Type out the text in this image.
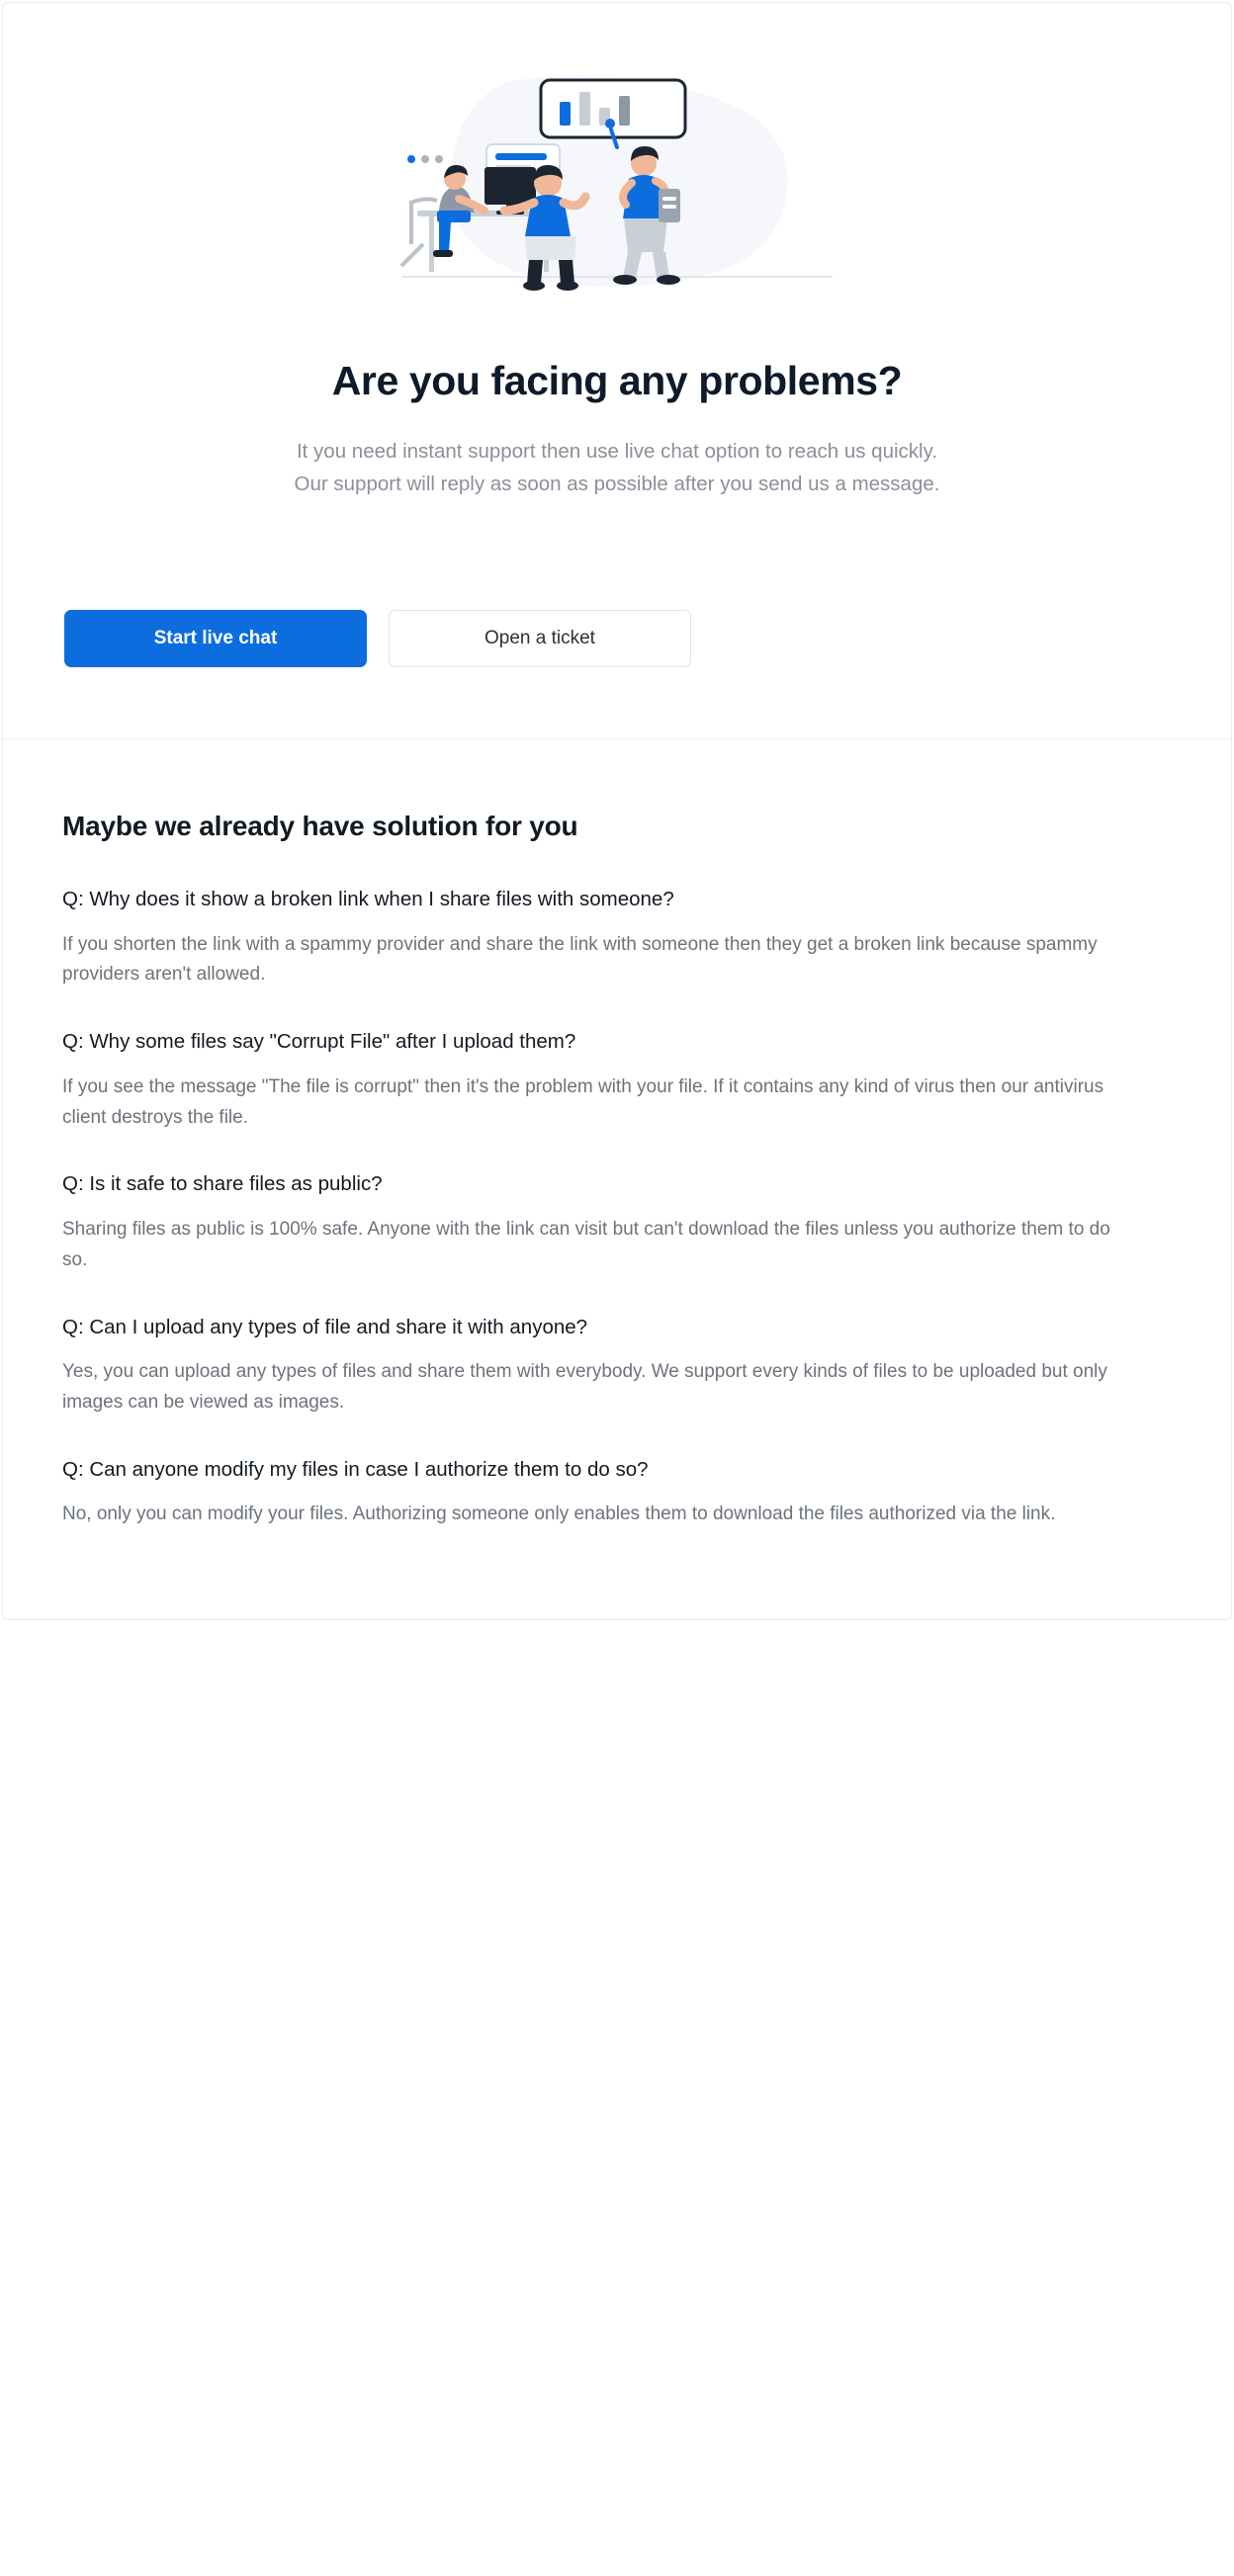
Are you facing any problems?

It you need instant support then use live chat option to reach us quickly.
Our support will reply as soon as possible after you send us a message.

Start live chat	Open a ticket
Maybe we already have solution for you

Q: Why does it show a broken link when I share files with someone?

If you shorten the link with a spammy provider and share the link with someone then they get a broken link because spammy providers aren't allowed.

Q: Why some files say "Corrupt File" after I upload them?

If you see the message "The file is corrupt" then it's the problem with your file. If it contains any kind of virus then our antivirus client destroys the file.

Q: Is it safe to share files as public?

Sharing files as public is 100% safe. Anyone with the link can visit but can't download the files unless you authorize them to do so.

Q: Can I upload any types of file and share it with anyone?

Yes, you can upload any types of files and share them with everybody. We support every kinds of files to be uploaded but only images can be viewed as images.

Q: Can anyone modify my files in case I authorize them to do so?

No, only you can modify your files. Authorizing someone only enables them to download the files authorized via the link.
